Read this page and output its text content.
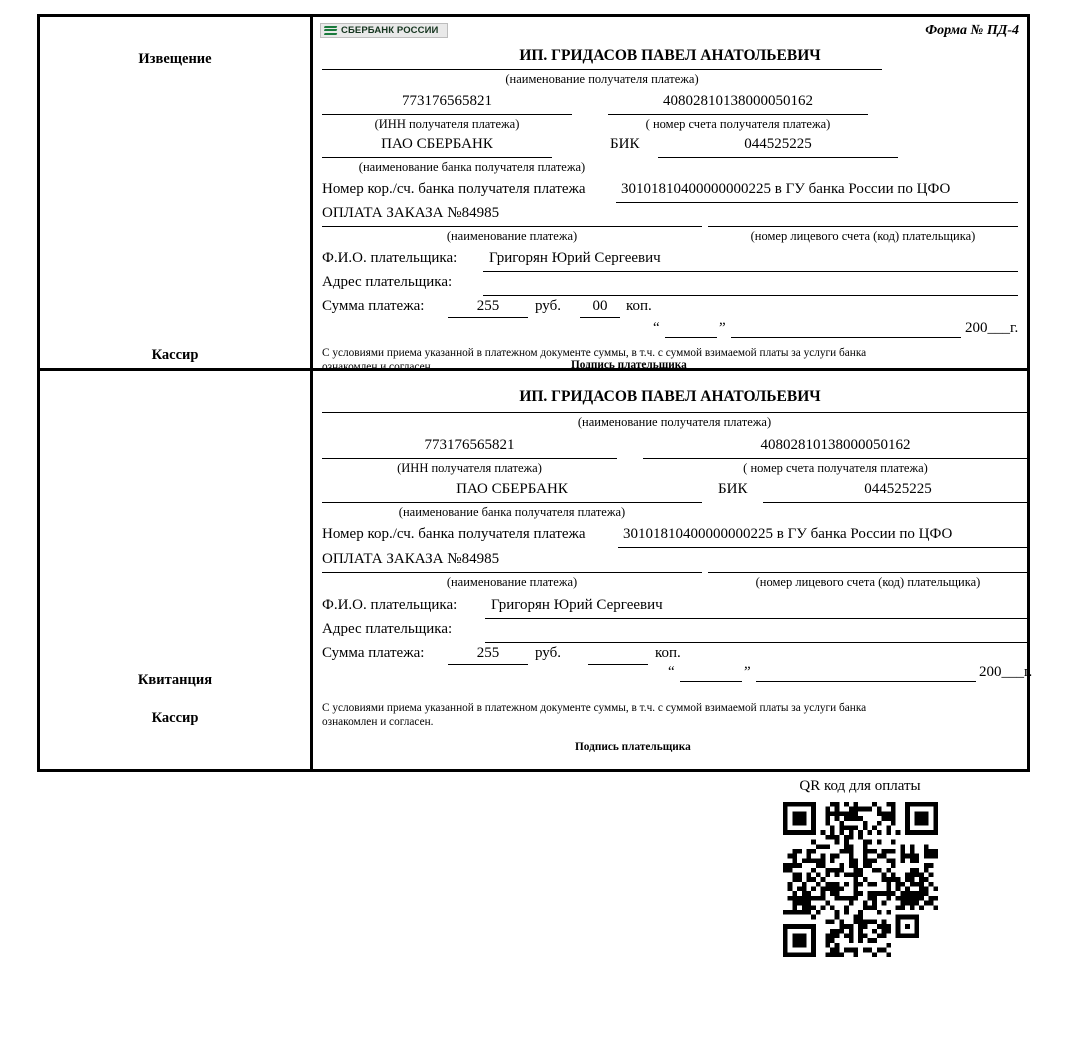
Извещение
Кассир
СБЕРБАНК РОССИИ	Форма № ПД-4
ИП. ГРИДАСОВ ПАВЕЛ АНАТОЛЬЕВИЧ
(наименование получателя платежа)
773176565821
(ИНН получателя платежа)
40802810138000050162
( номер счета получателя платежа)
ПАО СБЕРБАНК
(наименование банка получателя платежа)
БИК	044525225
Номер кор./сч. банка получателя платежа 30101810400000000225 в ГУ банка России по ЦФО
ОПЛАТА ЗАКАЗА №84985
(наименование платежа)	(номер лицевого счета (код) плательщика)
Ф.И.О. плательщика: Григорян Юрий Сергеевич
Адрес плательщика:
Сумма платежа:	255	руб.	00	коп.
“	”	200___г.
С условиями приема указанной в платежном документе суммы, в т.ч. с суммой взимаемой платы за услуги банка
ознакомлен и согласен.	Подпись плательщика
Квитанция
Кассир
ИП. ГРИДАСОВ ПАВЕЛ АНАТОЛЬЕВИЧ
(наименование получателя платежа)
773176565821
(ИНН получателя платежа)
40802810138000050162
( номер счета получателя платежа)
ПАО СБЕРБАНК
(наименование банка получателя платежа)
БИК	044525225
Номер кор./сч. банка получателя платежа 30101810400000000225 в ГУ банка России по ЦФО
ОПЛАТА ЗАКАЗА №84985
(наименование платежа)	(номер лицевого счета (код) плательщика)
Ф.И.О. плательщика: Григорян Юрий Сергеевич
Адрес плательщика:
Сумма платежа:	255	руб.	коп.
“	”	200___г.
С условиями приема указанной в платежном документе суммы, в т.ч. с суммой взимаемой платы за услуги банка
ознакомлен и согласен.
Подпись плательщика
QR код для оплаты
